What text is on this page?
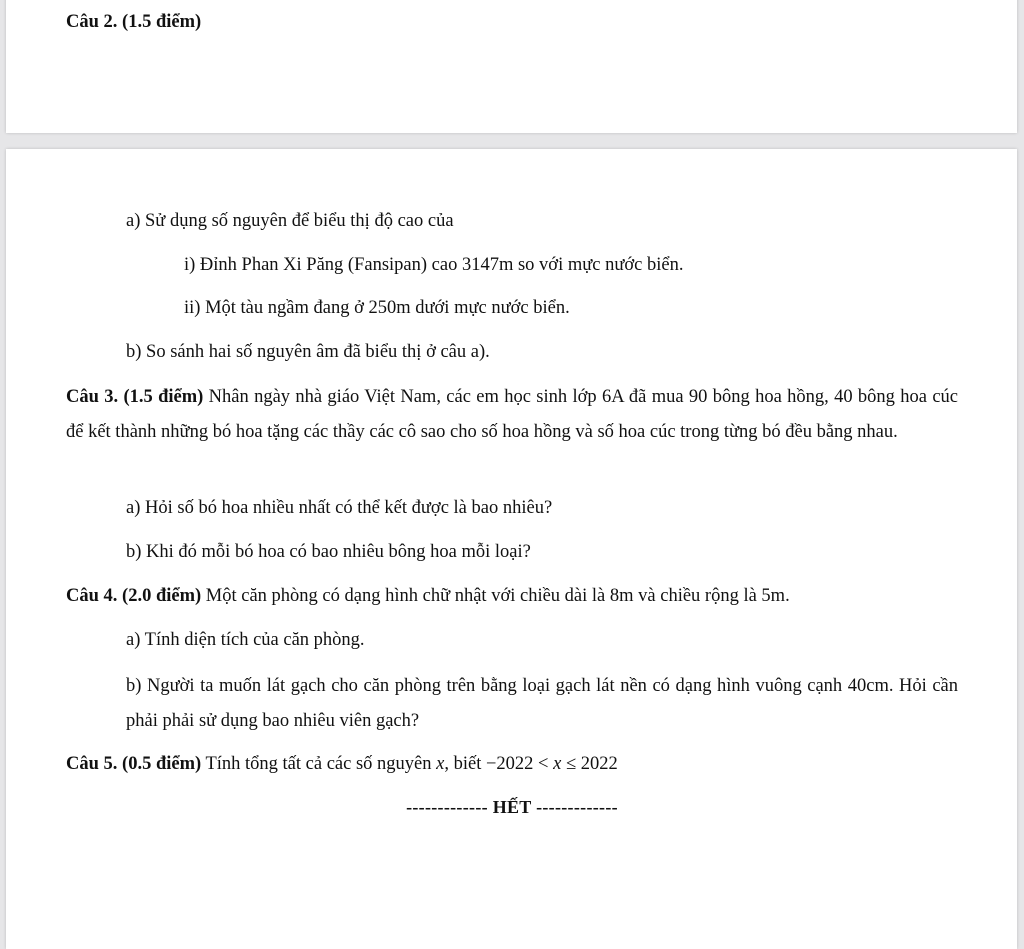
Câu 2. (1.5 điểm)
a) Sử dụng số nguyên để biểu thị độ cao của
i) Đỉnh Phan Xi Păng (Fansipan) cao 3147m so với mực nước biển.
ii) Một tàu ngầm đang ở 250m dưới mực nước biển.
b) So sánh hai số nguyên âm đã biểu thị ở câu a).
Câu 3. (1.5 điểm) Nhân ngày nhà giáo Việt Nam, các em học sinh lớp 6A đã mua 90 bông hoa hồng, 40 bông hoa cúc để kết thành những bó hoa tặng các thầy các cô sao cho số hoa hồng và số hoa cúc trong từng bó đều bằng nhau.
a) Hỏi số bó hoa nhiều nhất có thể kết được là bao nhiêu?
b) Khi đó mỗi bó hoa có bao nhiêu bông hoa mỗi loại?
Câu 4. (2.0 điểm) Một căn phòng có dạng hình chữ nhật với chiều dài là 8m và chiều rộng là 5m.
a) Tính diện tích của căn phòng.
b) Người ta muốn lát gạch cho căn phòng trên bằng loại gạch lát nền có dạng hình vuông cạnh 40cm. Hỏi cần phải phải sử dụng bao nhiêu viên gạch?
Câu 5. (0.5 điểm) Tính tổng tất cả các số nguyên x, biết −2022 < x ≤ 2022
------------- HẾT -------------
